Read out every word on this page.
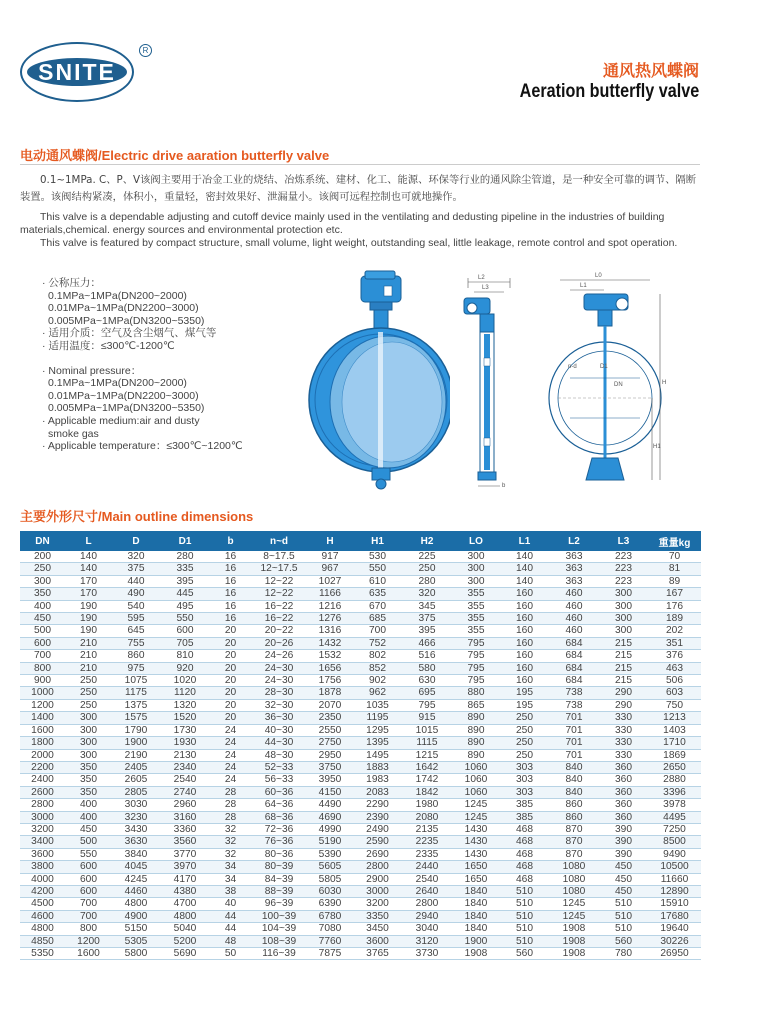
SNITE
R
通风热风蝶阀
Aeration butterfly valve
电动通风蝶阀/Electric drive aaration butterfly valve

0.1~1MPa. C、P、V该阀主要用于冶金工业的烧结、冶炼系统、建材、化工、能源、环保等行业的通风除尘管道，是一种安全可靠的调节、隔断装置。该阀结构紧凑，体积小，重量轻，密封效果好、泄漏量小。该阀可远程控制也可就地操作。

This valve is a dependable adjusting and cutoff device mainly used in the ventilating and dedusting pipeline in the industries of building materials,chemical. energy sources and environmental protection etc.

This valve is featured by compact structure, small volume, light weight, outstanding seal, little leakage, remote control and spot operation.

· 公称压力：
0.1MPa~1MPa(DN200~2000)
0.01MPa~1MPa(DN2200~3000)
0.005MPa~1MPa(DN3200~5350)
· 适用介质：空气及含尘烟气、煤气等
· 适用温度：≤300℃-1200℃
· Nominal pressure：
0.1MPa~1MPa(DN200~2000)
0.01MPa~1MPa(DN2200~3000)
0.005MPa~1MPa(DN3200~5350)
· Applicable medium:air and dusty
smoke gas
· Applicable temperature：≤300℃~1200℃
L2
L3
b
L0
L1
n-d	D1
DN	H
H1
主要外形尺寸/Main outline dimensions
DN	L	D	D1	b	n~d	H	H1	H2	LO	L1	L2	L3	重量kg
200	140	320	280	16	8~17.5	917	530	225	300	140	363	223	70
250	140	375	335	16	12~17.5	967	550	250	300	140	363	223	81
300	170	440	395	16	12~22	1027	610	280	300	140	363	223	89
350	170	490	445	16	12~22	1166	635	320	355	160	460	300	167
400	190	540	495	16	16~22	1216	670	345	355	160	460	300	176
450	190	595	550	16	16~22	1276	685	375	355	160	460	300	189
500	190	645	600	20	20~22	1316	700	395	355	160	460	300	202
600	210	755	705	20	20~26	1432	752	466	795	160	684	215	351
700	210	860	810	20	24~26	1532	802	516	795	160	684	215	376
800	210	975	920	20	24~30	1656	852	580	795	160	684	215	463
900	250	1075	1020	20	24~30	1756	902	630	795	160	684	215	506
1000	250	1175	1120	20	28~30	1878	962	695	880	195	738	290	603
1200	250	1375	1320	20	32~30	2070	1035	795	865	195	738	290	750
1400	300	1575	1520	20	36~30	2350	1195	915	890	250	701	330	1213
1600	300	1790	1730	24	40~30	2550	1295	1015	890	250	701	330	1403
1800	300	1900	1930	24	44~30	2750	1395	1115	890	250	701	330	1710
2000	300	2190	2130	24	48~30	2950	1495	1215	890	250	701	330	1869
2200	350	2405	2340	24	52~33	3750	1883	1642	1060	303	840	360	2650
2400	350	2605	2540	24	56~33	3950	1983	1742	1060	303	840	360	2880
2600	350	2805	2740	28	60~36	4150	2083	1842	1060	303	840	360	3396
2800	400	3030	2960	28	64~36	4490	2290	1980	1245	385	860	360	3978
3000	400	3230	3160	28	68~36	4690	2390	2080	1245	385	860	360	4495
3200	450	3430	3360	32	72~36	4990	2490	2135	1430	468	870	390	7250
3400	500	3630	3560	32	76~36	5190	2590	2235	1430	468	870	390	8500
3600	550	3840	3770	32	80~36	5390	2690	2335	1430	468	870	390	9490
3800	600	4045	3970	34	80~39	5605	2800	2440	1650	468	1080	450	10500
4000	600	4245	4170	34	84~39	5805	2900	2540	1650	468	1080	450	11660
4200	600	4460	4380	38	88~39	6030	3000	2640	1840	510	1080	450	12890
4500	700	4800	4700	40	96~39	6390	3200	2800	1840	510	1245	510	15910
4600	700	4900	4800	44	100~39	6780	3350	2940	1840	510	1245	510	17680
4800	800	5150	5040	44	104~39	7080	3450	3040	1840	510	1908	510	19640
4850	1200	5305	5200	48	108~39	7760	3600	3120	1900	510	1908	560	30226
5350	1600	5800	5690	50	116~39	7875	3765	3730	1908	560	1908	780	26950
